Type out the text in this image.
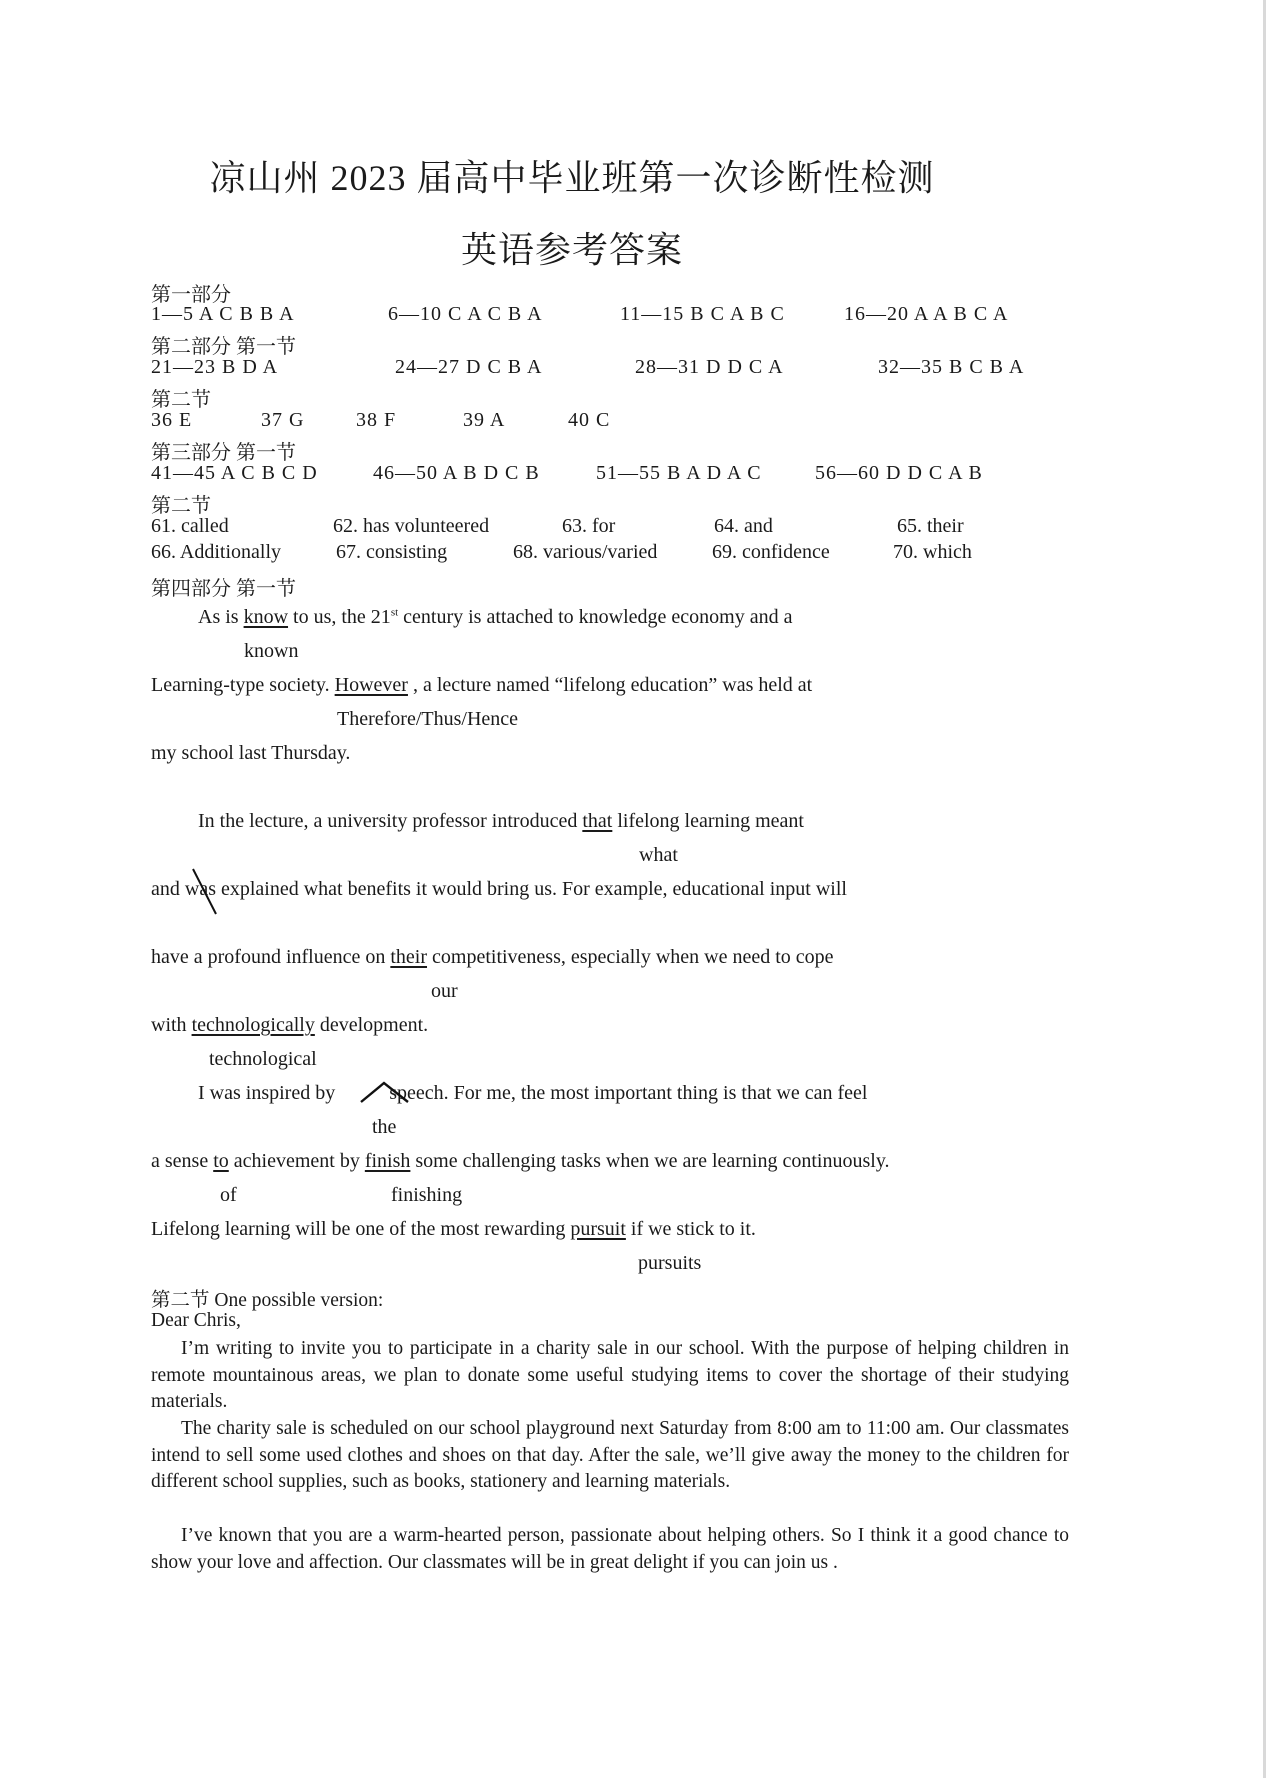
凉山州 2023 届高中毕业班第一次诊断性检测
英语参考答案
第一部分
1—5 A C B B A	6—10 C A C B A	11—15 B C A B C	16—20 A A B C A
第二部分 第一节
21—23 B D A	24—27 D C B A	28—31 D D C A	32—35 B C B A
第二节
36 E	37 G	38 F	39 A	40 C
第三部分 第一节
41—45 A C B C D	46—50 A B D C B	51—55 B A D A C	56—60 D D C A B
第二节
61. called	62. has volunteered	63. for	64. and	65. their
66. Additionally	67. consisting	68. various/varied	69. confidence	70. which
第四部分 第一节
As is know to us, the 21st century is attached to knowledge economy and a
known
Learning-type society. However , a lecture named “lifelong education” was held at
Therefore/Thus/Hence
my school last Thursday.
In the lecture, a university professor introduced that lifelong learning meant
what
and was explained what benefits it would bring us. For example, educational input will
have a profound influence on their competitiveness, especially when we need to cope
our
with technologically development.
technological
I was inspired by  speech. For me, the most important thing is that we can feel
the
a sense to achievement by finish some challenging tasks when we are learning continuously.
of	finishing
Lifelong learning will be one of the most rewarding pursuit if we stick to it.
pursuits
第二节 One possible version:
Dear Chris,

I’m writing to invite you to participate in a charity sale in our school. With the purpose of helping children in remote mountainous areas, we plan to donate some useful studying items to cover the shortage of their studying materials.

The charity sale is scheduled on our school playground next Saturday from 8:00 am to 11:00 am. Our classmates intend to sell some used clothes and shoes on that day. After the sale, we’ll give away the money to the children for different school supplies, such as books, stationery and learning materials.

I’ve known that you are a warm-hearted person, passionate about helping others. So I think it a good chance to show your love and affection. Our classmates will be in great delight if you can join us .
